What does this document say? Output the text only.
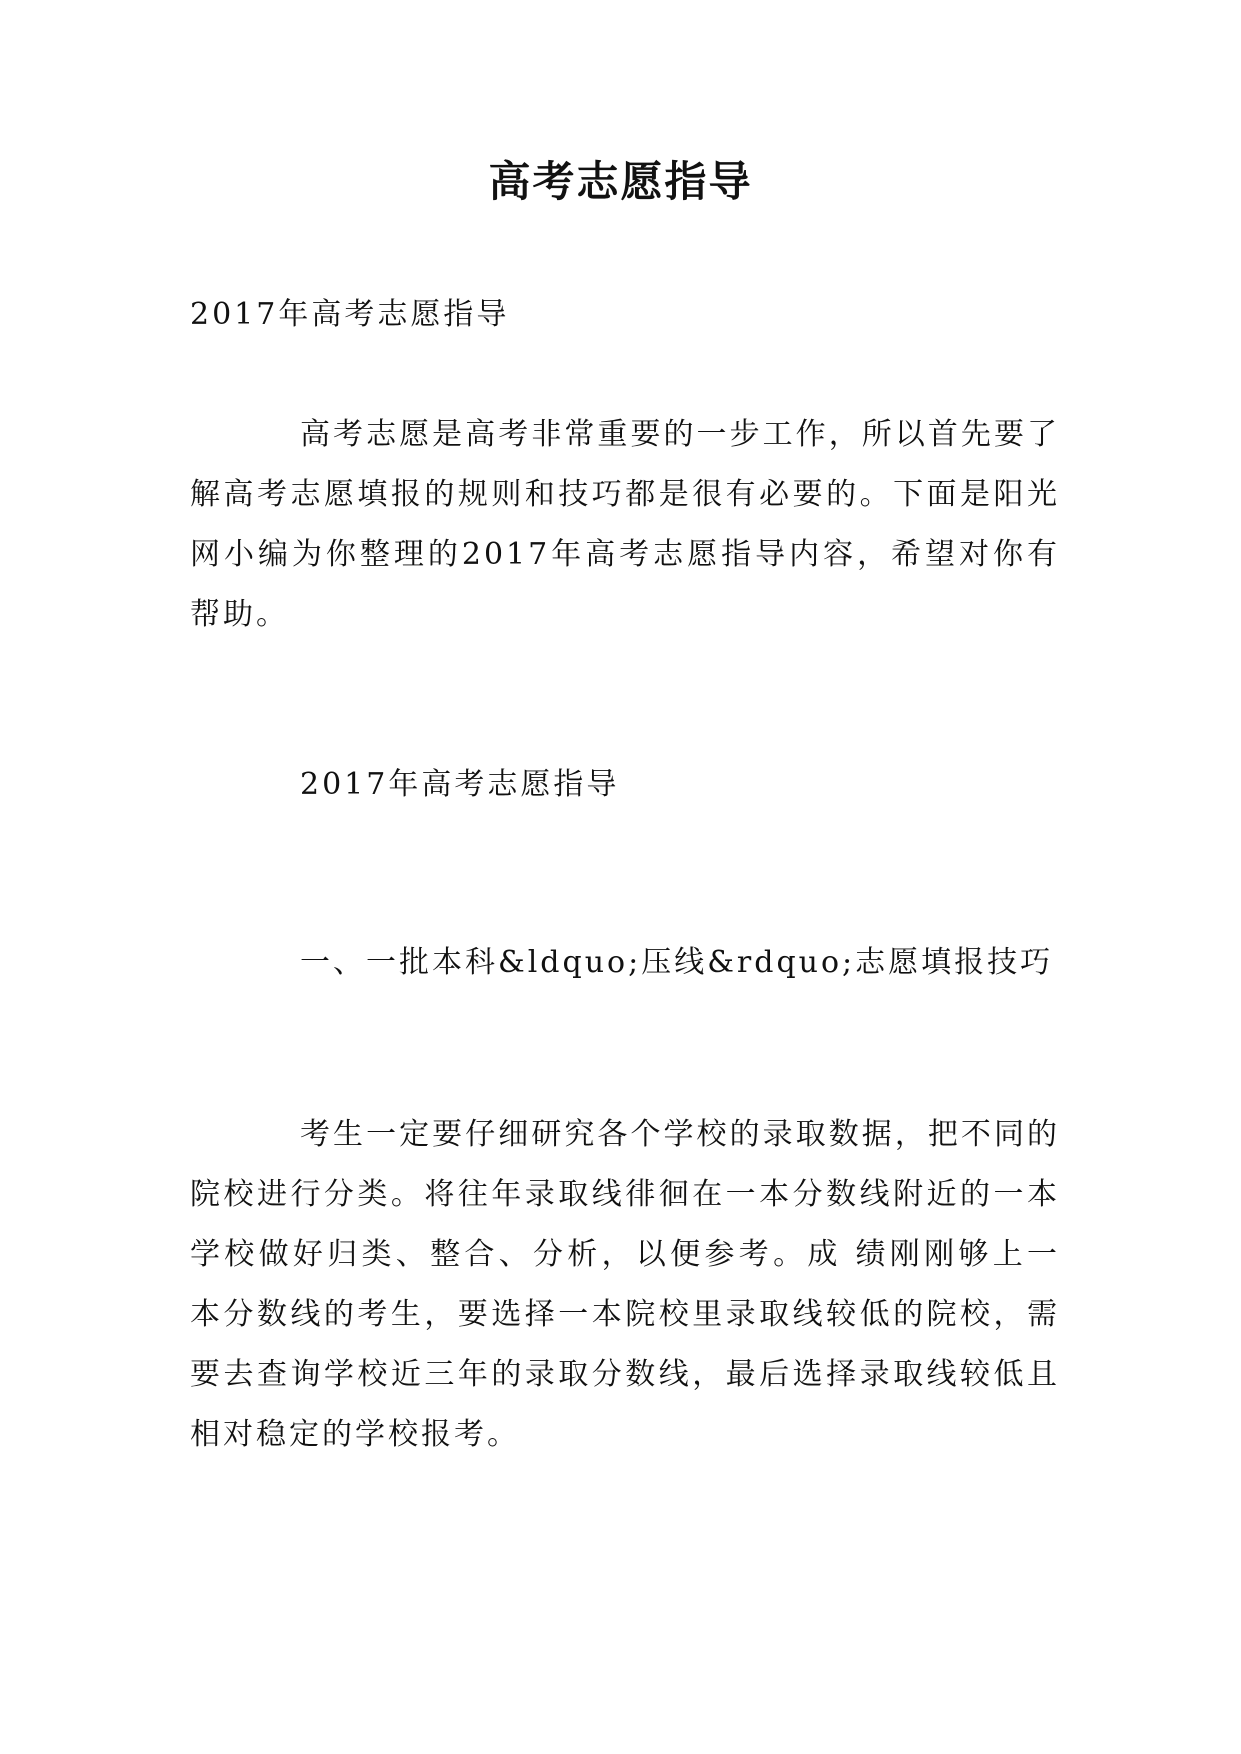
高考志愿指导
2017年高考志愿指导
高考志愿是高考非常重要的一步工作，所以首先要了解高考志愿填报的规则和技巧都是很有必要的。下面是阳光网小编为你整理的2017年高考志愿指导内容，希望对你有帮助。
2017年高考志愿指导
一、一批本科&ldquo;压线&rdquo;志愿填报技巧
考生一定要仔细研究各个学校的录取数据，把不同的院校进行分类。将往年录取线徘徊在一本分数线附近的一本学校做好归类、整合、分析，以便参考。成 绩刚刚够上一本分数线的考生，要选择一本院校里录取线较低的院校，需要去查询学校近三年的录取分数线，最后选择录取线较低且相对稳定的学校报考。
